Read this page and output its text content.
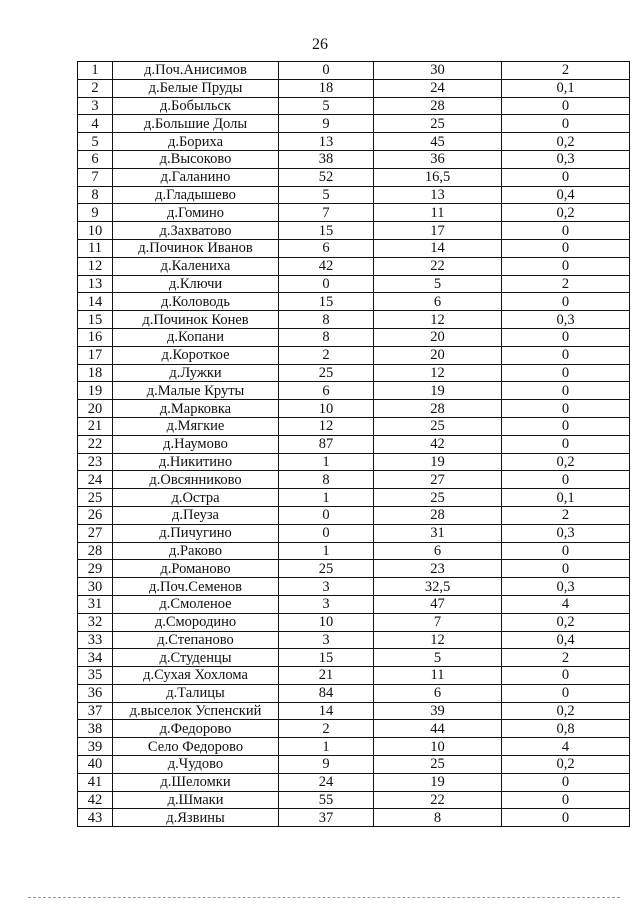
26
1	д.Поч.Анисимов	0	30	2
2	д.Белые Пруды	18	24	0,1
3	д.Бобыльск	5	28	0
4	д.Большие Долы	9	25	0
5	д.Бориха	13	45	0,2
6	д.Высоково	38	36	0,3
7	д.Галанино	52	16,5	0
8	д.Гладышево	5	13	0,4
9	д.Гомино	7	11	0,2
10	д.Захватово	15	17	0
11	д.Починок Иванов	6	14	0
12	д.Калениха	42	22	0
13	д.Ключи	0	5	2
14	д.Коловодь	15	6	0
15	д.Починок Конев	8	12	0,3
16	д.Копани	8	20	0
17	д.Короткое	2	20	0
18	д.Лужки	25	12	0
19	д.Малые Круты	6	19	0
20	д.Марковка	10	28	0
21	д.Мягкие	12	25	0
22	д.Наумово	87	42	0
23	д.Никитино	1	19	0,2
24	д.Овсянниково	8	27	0
25	д.Остра	1	25	0,1
26	д.Пеуза	0	28	2
27	д.Пичугино	0	31	0,3
28	д.Раково	1	6	0
29	д.Романово	25	23	0
30	д.Поч.Семенов	3	32,5	0,3
31	д.Смоленое	3	47	4
32	д.Смородино	10	7	0,2
33	д.Степаново	3	12	0,4
34	д.Студенцы	15	5	2
35	д.Сухая Хохлома	21	11	0
36	д.Талицы	84	6	0
37	д.выселок Успенский	14	39	0,2
38	д.Федорово	2	44	0,8
39	Село Федорово	1	10	4
40	д.Чудово	9	25	0,2
41	д.Шеломки	24	19	0
42	д.Шмаки	55	22	0
43	д.Язвины	37	8	0
